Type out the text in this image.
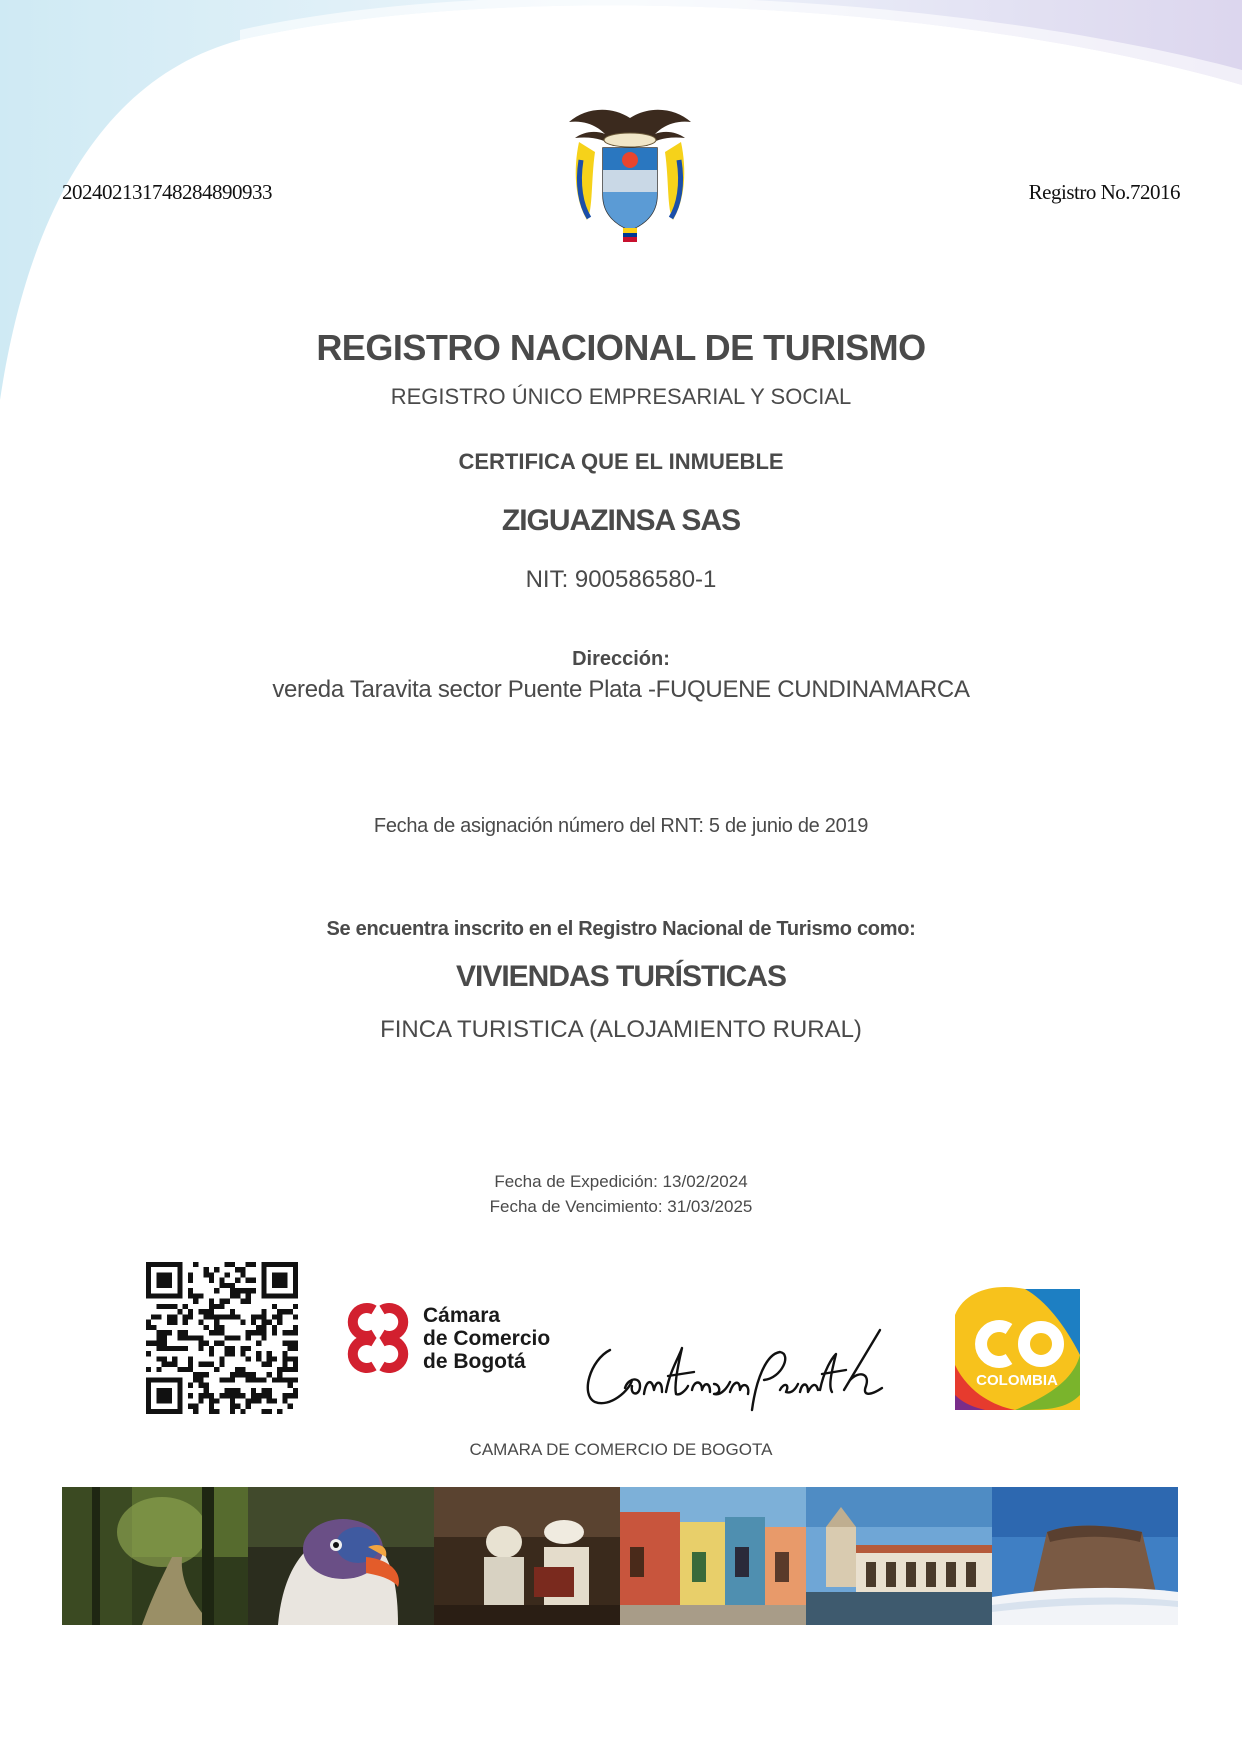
20240213174828489093​3	Registro No.72016
REGISTRO NACIONAL DE TURISMO
REGISTRO ÚNICO EMPRESARIAL Y SOCIAL
CERTIFICA QUE EL INMUEBLE
ZIGUAZINSA SAS
NIT: 900586580-1
Dirección:
vereda Taravita sector Puente Plata -FUQUENE CUNDINAMARCA
Fecha de asignación número del RNT: 5 de junio de 2019
Se encuentra inscrito en el Registro Nacional de Turismo como:
VIVIENDAS TURÍSTICAS
FINCA TURISTICA (ALOJAMIENTO RURAL)
Fecha de Expedición: 13/02/2024
Fecha de Vencimiento: 31/03/2025
Cámara
de Comercio
de Bogotá
COLOMBIA
CAMARA DE COMERCIO DE BOGOTA
